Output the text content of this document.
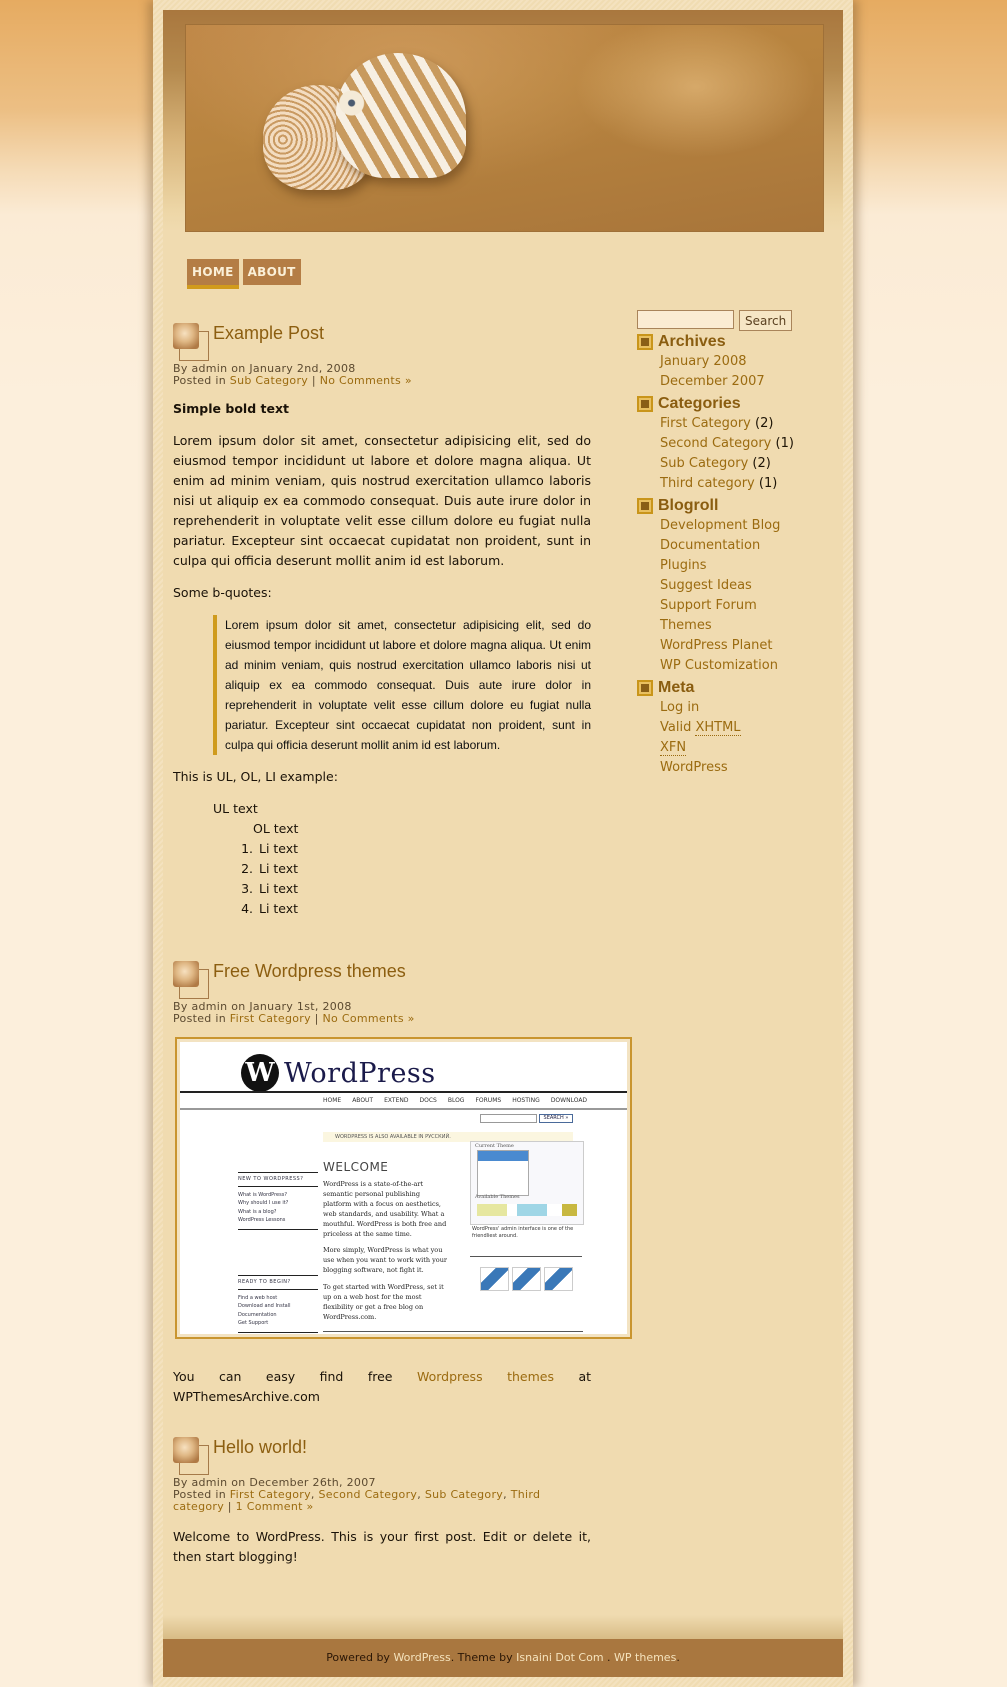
HOME	ABOUT
Example Post
By admin on January 2nd, 2008
Posted in Sub Category | No Comments »

Simple bold text

Lorem ipsum dolor sit amet, consectetur adipisicing elit, sed do eiusmod tempor incididunt ut labore et dolore magna aliqua. Ut enim ad minim veniam, quis nostrud exercitation ullamco laboris nisi ut aliquip ex ea commodo consequat. Duis aute irure dolor in reprehenderit in voluptate velit esse cillum dolore eu fugiat nulla pariatur. Excepteur sint occaecat cupidatat non proident, sunt in culpa qui officia deserunt mollit anim id est laborum.

Some b-quotes:

Lorem ipsum dolor sit amet, consectetur adipisicing elit, sed do eiusmod tempor incididunt ut labore et dolore magna aliqua. Ut enim ad minim veniam, quis nostrud exercitation ullamco laboris nisi ut aliquip ex ea commodo consequat. Duis aute irure dolor in reprehenderit in voluptate velit esse cillum dolore eu fugiat nulla pariatur. Excepteur sint occaecat cupidatat non proident, sunt in culpa qui officia deserunt mollit anim id est laborum.

This is UL, OL, LI example:

UL text
OL text
1. Li text
2. Li text
3. Li text
4. Li text
Free Wordpress themes
By admin on January 1st, 2008
Posted in First Category | No Comments »
W WordPress
HOME ABOUT EXTEND DOCS BLOG FORUMS HOSTING DOWNLOAD
SEARCH »
WORDPRESS IS ALSO AVAILABLE IN РУССКИЙ.
WELCOME
WordPress is a state-of-the-art semantic personal publishing platform with a focus on aesthetics, web standards, and usability. What a mouthful. WordPress is both free and priceless at the same time.
More simply, WordPress is what you use when you want to work with your blogging software, not fight it.
To get started with WordPress, set it up on a web host for the most flexibility or get a free blog on WordPress.com.
NEW TO WORDPRESS?
What is WordPress?
Why should I use it?
What is a blog?
WordPress Lessons
READY TO BEGIN?
Find a web host
Download and Install
Documentation
Get Support
Current Theme
Available Themes
WordPress' admin interface is one of the friendliest around.

You can easy find free Wordpress themes at WPThemesArchive.com

Hello world!
By admin on December 26th, 2007
Posted in First Category, Second Category, Sub Category, Third category | 1 Comment »

Welcome to WordPress. This is your first post. Edit or delete it, then start blogging!

Search
Archives
January 2008
December 2007
Categories
First Category (2)
Second Category (1)
Sub Category (2)
Third category (1)
Blogroll
Development Blog
Documentation
Plugins
Suggest Ideas
Support Forum
Themes
WordPress Planet
WP Customization
Meta
Log in
Valid XHTML
XFN
WordPress
Powered by WordPress. Theme by Isnaini Dot Com . WP themes.
